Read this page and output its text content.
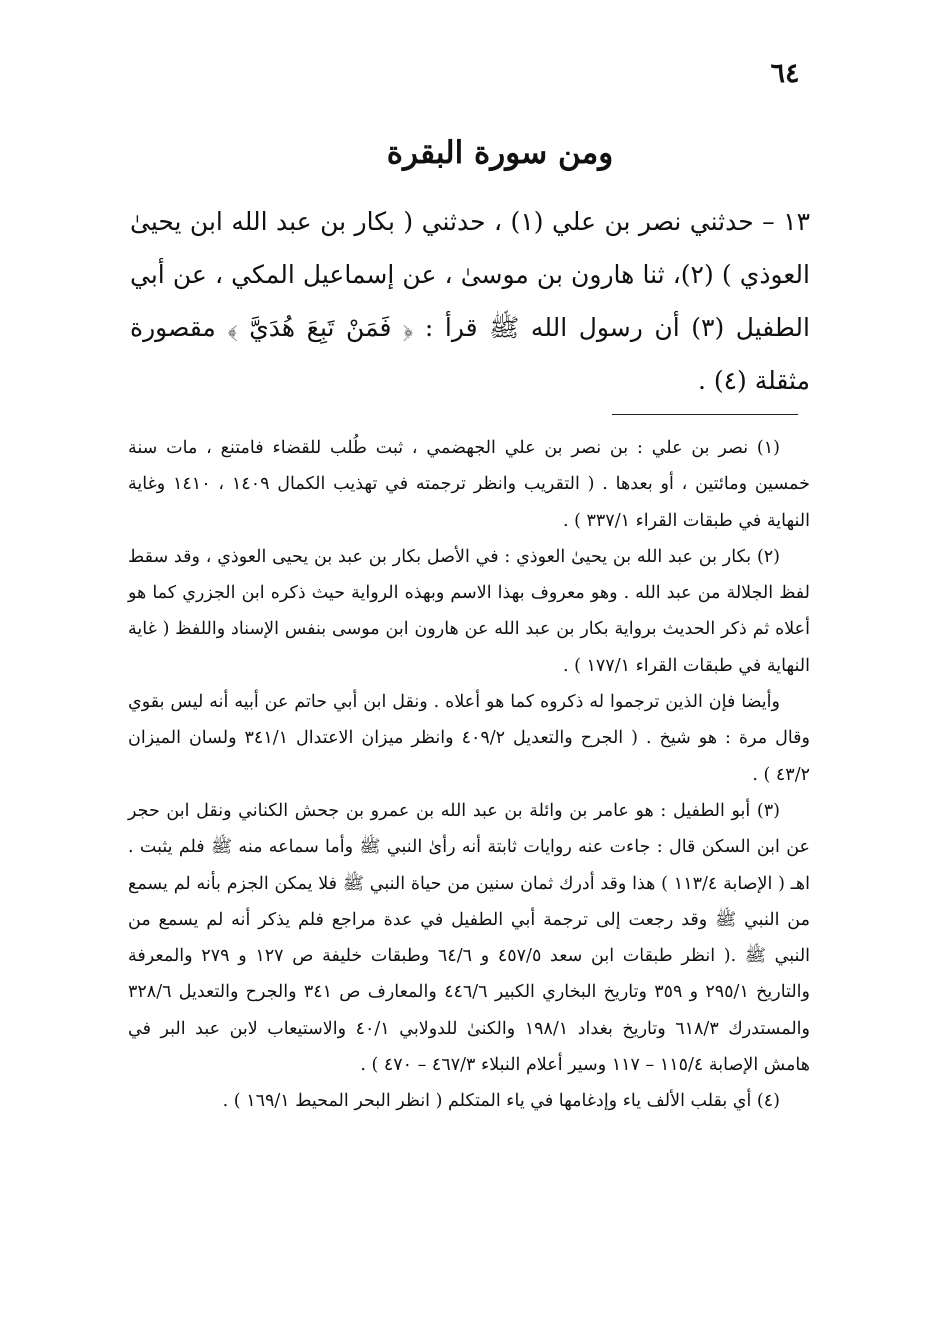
٦٤
ومن سورة البقرة
١٣ – حدثني نصر بن علي (١) ، حدثني ( بكار بن عبد الله ابن يحيىٰ العوذي ) (٢)، ثنا هارون بن موسىٰ ، عن إسماعيل المكي ، عن أبي الطفيل (٣) أن رسول الله ﷺ قرأ : ﴿ فَمَنْ تَبِعَ هُدَيَّ ﴾ مقصورة مثقلة (٤) .

(١) نصر بن علي : بن نصر بن علي الجهضمي ، ثبت طُلب للقضاء فامتنع ، مات سنة خمسين ومائتين ، أو بعدها . ( التقريب وانظر ترجمته في تهذيب الكمال ١٤٠٩ ، ١٤١٠ وغاية النهاية في طبقات القراء ٣٣٧/١ ) .

(٢) بكار بن عبد الله بن يحيىٰ العوذي : في الأصل بكار بن عبد بن يحيى العوذي ، وقد سقط لفظ الجلالة من عبد الله . وهو معروف بهذا الاسم وبهذه الرواية حيث ذكره ابن الجزري كما هو أعلاه ثم ذكر الحديث برواية بكار بن عبد الله عن هارون ابن موسى بنفس الإسناد واللفظ ( غاية النهاية في طبقات القراء ١٧٧/١ ) .

وأيضا فإن الذين ترجموا له ذكروه كما هو أعلاه . ونقل ابن أبي حاتم عن أبيه أنه ليس بقوي وقال مرة : هو شيخ . ( الجرح والتعديل ٤٠٩/٢ وانظر ميزان الاعتدال ٣٤١/١ ولسان الميزان ٤٣/٢ ) .

(٣) أبو الطفيل : هو عامر بن وائلة بن عبد الله بن عمرو بن جحش الكناني ونقل ابن حجر عن ابن السكن قال : جاءت عنه روايات ثابتة أنه رأىٰ النبي ﷺ وأما سماعه منه ﷺ فلم يثبت . اهـ ( الإصابة ١١٣/٤ ) هذا وقد أدرك ثمان سنين من حياة النبي ﷺ فلا يمكن الجزم بأنه لم يسمع من النبي ﷺ وقد رجعت إلى ترجمة أبي الطفيل في عدة مراجع فلم يذكر أنه لم يسمع من النبي ﷺ .( انظر طبقات ابن سعد ٤٥٧/٥ و ٦٤/٦ وطبقات خليفة ص ١٢٧ و ٢٧٩ والمعرفة والتاريخ ٢٩٥/١ و ٣٥٩ وتاريخ البخاري الكبير ٤٤٦/٦ والمعارف ص ٣٤١ والجرح والتعديل ٣٢٨/٦ والمستدرك ٦١٨/٣ وتاريخ بغداد ١٩٨/١ والكنىٰ للدولابي ٤٠/١ والاستيعاب لابن عبد البر في هامش الإصابة ١١٥/٤ – ١١٧ وسير أعلام النبلاء ٤٦٧/٣ – ٤٧٠ ) .

(٤) أي بقلب الألف ياء وإدغامها في ياء المتكلم ( انظر البحر المحيط ١٦٩/١ ) .
